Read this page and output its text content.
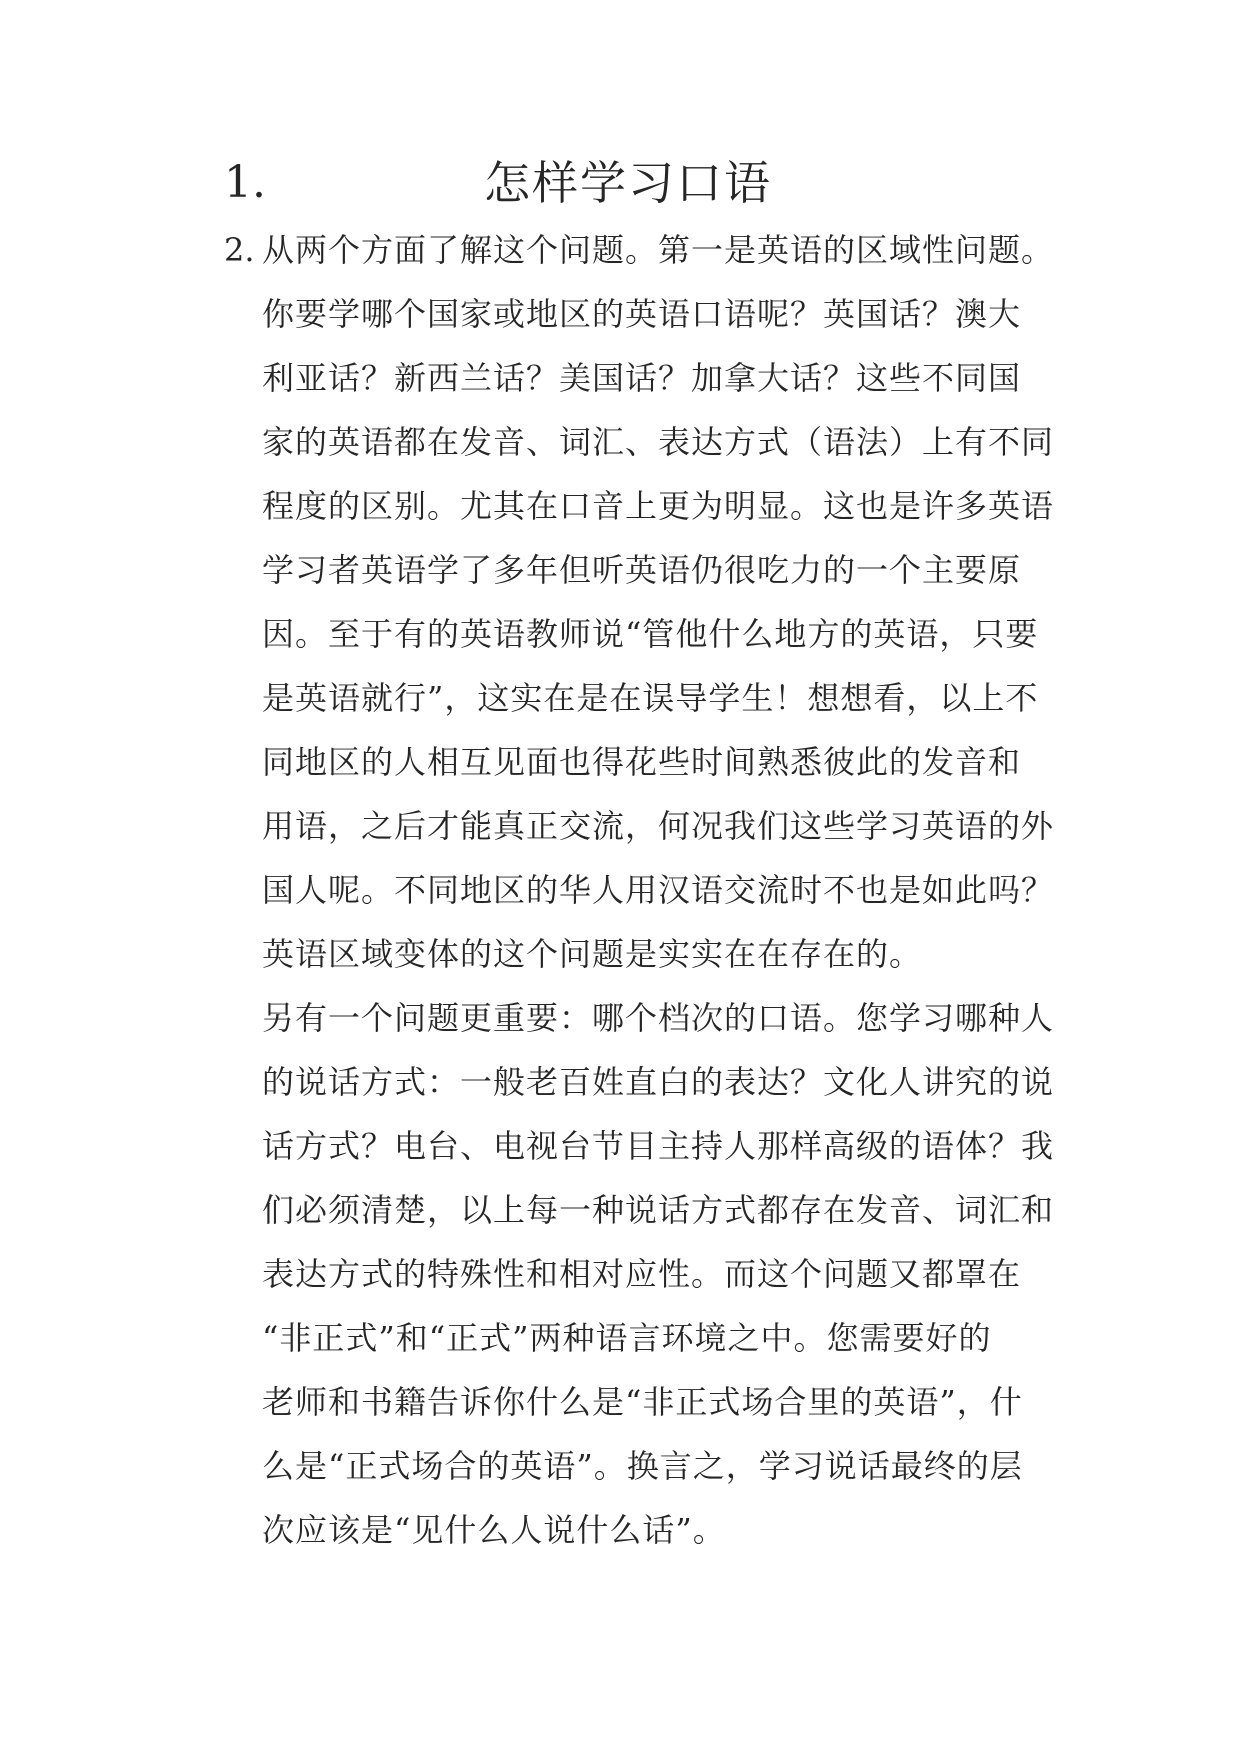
1.	怎样学习口语
2. 从两个方面了解这个问题。第一是英语的区域性问题。
你要学哪个国家或地区的英语口语呢？英国话？澳大
利亚话？新西兰话？美国话？加拿大话？这些不同国
家的英语都在发音、词汇、表达方式（语法）上有不同
程度的区别。尤其在口音上更为明显。这也是许多英语
学习者英语学了多年但听英语仍很吃力的一个主要原
因。至于有的英语教师说“管他什么地方的英语，只要
是英语就行”，这实在是在误导学生！想想看，以上不
同地区的人相互见面也得花些时间熟悉彼此的发音和
用语，之后才能真正交流，何况我们这些学习英语的外
国人呢。不同地区的华人用汉语交流时不也是如此吗？
英语区域变体的这个问题是实实在在存在的。
另有一个问题更重要：哪个档次的口语。您学习哪种人
的说话方式：一般老百姓直白的表达？文化人讲究的说
话方式？电台、电视台节目主持人那样高级的语体？我
们必须清楚，以上每一种说话方式都存在发音、词汇和
表达方式的特殊性和相对应性。而这个问题又都罩在
“非正式”和“正式”两种语言环境之中。您需要好的
老师和书籍告诉你什么是“非正式场合里的英语”，什
么是“正式场合的英语”。换言之，学习说话最终的层
次应该是“见什么人说什么话”。
